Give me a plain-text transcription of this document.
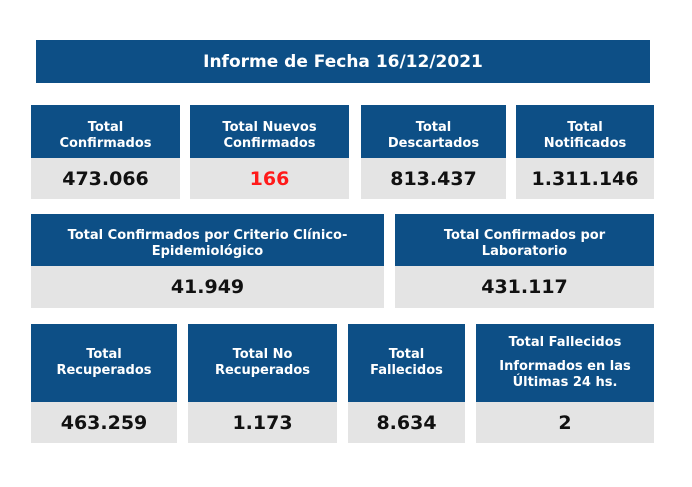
Informe de Fecha 16/12/2021
Total
Confirmados
473.066
Total Nuevos
Confirmados
166
Total
Descartados
813.437
Total
Notificados
1.311.146
Total Confirmados por Criterio Clínico-
Epidemiológico
41.949
Total Confirmados por
Laboratorio
431.117
Total
Recuperados
463.259
Total No
Recuperados
1.173
Total
Fallecidos
8.634
Total Fallecidos
Informados en las
Últimas 24 hs.
2
